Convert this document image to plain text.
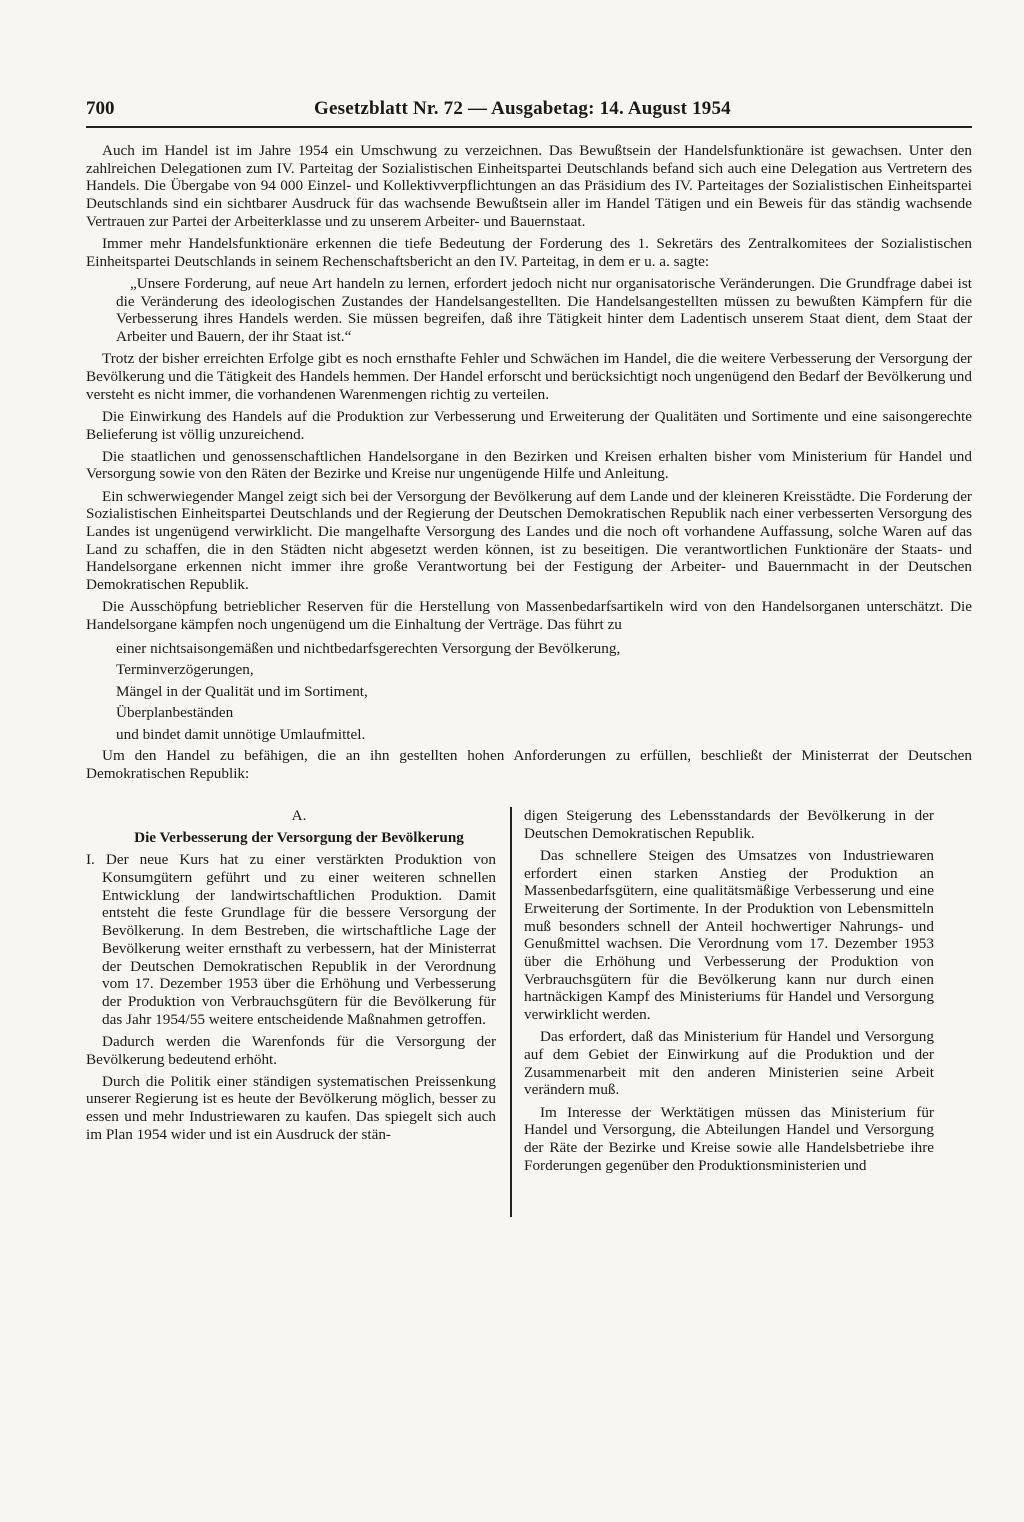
700	Gesetzblatt Nr. 72 — Ausgabetag: 14. August 1954

Auch im Handel ist im Jahre 1954 ein Umschwung zu verzeichnen. Das Bewußtsein der Handelsfunktionäre ist gewachsen. Unter den zahlreichen Delegationen zum IV. Parteitag der Sozialistischen Einheitspartei Deutschlands befand sich auch eine Delegation aus Vertretern des Handels. Die Übergabe von 94 000 Einzel- und Kollektivverpflichtungen an das Präsidium des IV. Parteitages der Sozialistischen Einheitspartei Deutschlands sind ein sichtbarer Ausdruck für das wachsende Bewußtsein aller im Handel Tätigen und ein Beweis für das ständig wachsende Vertrauen zur Partei der Arbeiterklasse und zu unserem Arbeiter- und Bauernstaat.

Immer mehr Handelsfunktionäre erkennen die tiefe Bedeutung der Forderung des 1. Sekretärs des Zentralkomitees der Sozialistischen Einheitspartei Deutschlands in seinem Rechenschaftsbericht an den IV. Parteitag, in dem er u. a. sagte:

„Unsere Forderung, auf neue Art handeln zu lernen, erfordert jedoch nicht nur organisatorische Veränderungen. Die Grundfrage dabei ist die Veränderung des ideologischen Zustandes der Handelsangestellten. Die Handelsangestellten müssen zu bewußten Kämpfern für die Verbesserung ihres Handels werden. Sie müssen begreifen, daß ihre Tätigkeit hinter dem Ladentisch unserem Staat dient, dem Staat der Arbeiter und Bauern, der ihr Staat ist.“

Trotz der bisher erreichten Erfolge gibt es noch ernsthafte Fehler und Schwächen im Handel, die die weitere Verbesserung der Versorgung der Bevölkerung und die Tätigkeit des Handels hemmen. Der Handel erforscht und berücksichtigt noch ungenügend den Bedarf der Bevölkerung und versteht es nicht immer, die vorhandenen Warenmengen richtig zu verteilen.

Die Einwirkung des Handels auf die Produktion zur Verbesserung und Erweiterung der Qualitäten und Sortimente und eine saisongerechte Belieferung ist völlig unzureichend.

Die staatlichen und genossenschaftlichen Handelsorgane in den Bezirken und Kreisen erhalten bisher vom Ministerium für Handel und Versorgung sowie von den Räten der Bezirke und Kreise nur ungenügende Hilfe und Anleitung.

Ein schwerwiegender Mangel zeigt sich bei der Versorgung der Bevölkerung auf dem Lande und der kleineren Kreisstädte. Die Forderung der Sozialistischen Einheitspartei Deutschlands und der Regierung der Deutschen Demokratischen Republik nach einer verbesserten Versorgung des Landes ist ungenügend verwirklicht. Die mangelhafte Versorgung des Landes und die noch oft vorhandene Auffassung, solche Waren auf das Land zu schaffen, die in den Städten nicht abgesetzt werden können, ist zu beseitigen. Die verantwortlichen Funktionäre der Staats- und Handelsorgane erkennen nicht immer ihre große Verantwortung bei der Festigung der Arbeiter- und Bauernmacht in der Deutschen Demokratischen Republik.

Die Ausschöpfung betrieblicher Reserven für die Herstellung von Massenbedarfsartikeln wird von den Handelsorganen unterschätzt. Die Handelsorgane kämpfen noch ungenügend um die Einhaltung der Verträge. Das führt zu

einer nichtsaisongemäßen und nichtbedarfsgerechten Versorgung der Bevölkerung,

Terminverzögerungen,

Mängel in der Qualität und im Sortiment,

Überplanbeständen

und bindet damit unnötige Umlaufmittel.

Um den Handel zu befähigen, die an ihn gestellten hohen Anforderungen zu erfüllen, beschließt der Ministerrat der Deutschen Demokratischen Republik:

A.

Die Verbesserung der Versorgung der Bevölkerung

I. Der neue Kurs hat zu einer verstärkten Produktion von Konsumgütern geführt und zu einer weiteren schnellen Entwicklung der landwirtschaftlichen Produktion. Damit entsteht die feste Grundlage für die bessere Versorgung der Bevölkerung. In dem Bestreben, die wirtschaftliche Lage der Bevölkerung weiter ernsthaft zu verbessern, hat der Ministerrat der Deutschen Demokratischen Republik in der Verordnung vom 17. Dezember 1953 über die Erhöhung und Verbesserung der Produktion von Verbrauchsgütern für die Bevölkerung für das Jahr 1954/55 weitere entscheidende Maßnahmen getroffen.

Dadurch werden die Warenfonds für die Versorgung der Bevölkerung bedeutend erhöht.

Durch die Politik einer ständigen systematischen Preissenkung unserer Regierung ist es heute der Bevölkerung möglich, besser zu essen und mehr Industriewaren zu kaufen. Das spiegelt sich auch im Plan 1954 wider und ist ein Ausdruck der stän-

digen Steigerung des Lebensstandards der Bevölkerung in der Deutschen Demokratischen Republik.

Das schnellere Steigen des Umsatzes von Industriewaren erfordert einen starken Anstieg der Produktion an Massenbedarfsgütern, eine qualitätsmäßige Verbesserung und eine Erweiterung der Sortimente. In der Produktion von Lebensmitteln muß besonders schnell der Anteil hochwertiger Nahrungs- und Genußmittel wachsen. Die Verordnung vom 17. Dezember 1953 über die Erhöhung und Verbesserung der Produktion von Verbrauchsgütern für die Bevölkerung kann nur durch einen hartnäckigen Kampf des Ministeriums für Handel und Versorgung verwirklicht werden.

Das erfordert, daß das Ministerium für Handel und Versorgung auf dem Gebiet der Einwirkung auf die Produktion und der Zusammenarbeit mit den anderen Ministerien seine Arbeit verändern muß.

Im Interesse der Werktätigen müssen das Ministerium für Handel und Versorgung, die Abteilungen Handel und Versorgung der Räte der Bezirke und Kreise sowie alle Handelsbetriebe ihre Forderungen gegenüber den Produktionsministerien und
